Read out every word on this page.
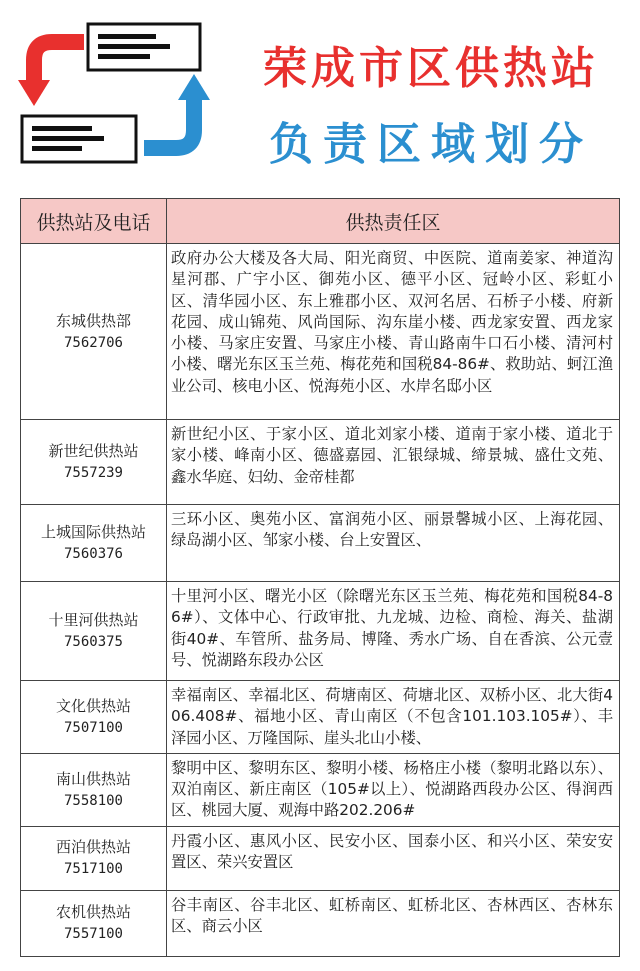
荣成市区供热站
负责区域划分
供热站及电话	供热责任区
东城供热部
7562706	政府办公大楼及各大局、阳光商贸、中医院、道南姜家、神道沟星河郡、广宇小区、御苑小区、德平小区、冠岭小区、彩虹小区、清华园小区、东上雅郡小区、双河名居、石桥子小楼、府新花园、成山锦苑、风尚国际、沟东崖小楼、西龙家安置、西龙家小楼、马家庄安置、马家庄小楼、青山路南牛口石小楼、清河村小楼、曙光东区玉兰苑、梅花苑和国税84-86#、救助站、蚵江渔业公司、核电小区、悦海苑小区、水岸名邸小区
新世纪供热站
7557239	新世纪小区、于家小区、道北刘家小楼、道南于家小楼、道北于家小楼、峰南小区、德盛嘉园、汇银绿城、缔景城、盛仕文苑、鑫水华庭、妇幼、金帝桂都
上城国际供热站
7560376	三环小区、奥苑小区、富润苑小区、丽景馨城小区、上海花园、绿岛湖小区、邹家小楼、台上安置区、
十里河供热站
7560375	十里河小区、曙光小区（除曙光东区玉兰苑、梅花苑和国税84-86#）、文体中心、行政审批、九龙城、边检、商检、海关、盐湖街40#、车管所、盐务局、博隆、秀水广场、自在香滨、公元壹号、悦湖路东段办公区
文化供热站
7507100	幸福南区、幸福北区、荷塘南区、荷塘北区、双桥小区、北大街406.408#、福地小区、青山南区（不包含101.103.105#）、丰泽园小区、万隆国际、崖头北山小楼、
南山供热站
7558100	黎明中区、黎明东区、黎明小楼、杨格庄小楼（黎明北路以东）、双泊南区、新庄南区（105#以上）、悦湖路西段办公区、得润西区、桃园大厦、观海中路202.206#
西泊供热站
7517100	丹霞小区、惠风小区、民安小区、国泰小区、和兴小区、荣安安置区、荣兴安置区
农机供热站
7557100	谷丰南区、谷丰北区、虹桥南区、虹桥北区、杏林西区、杏林东区、商云小区
